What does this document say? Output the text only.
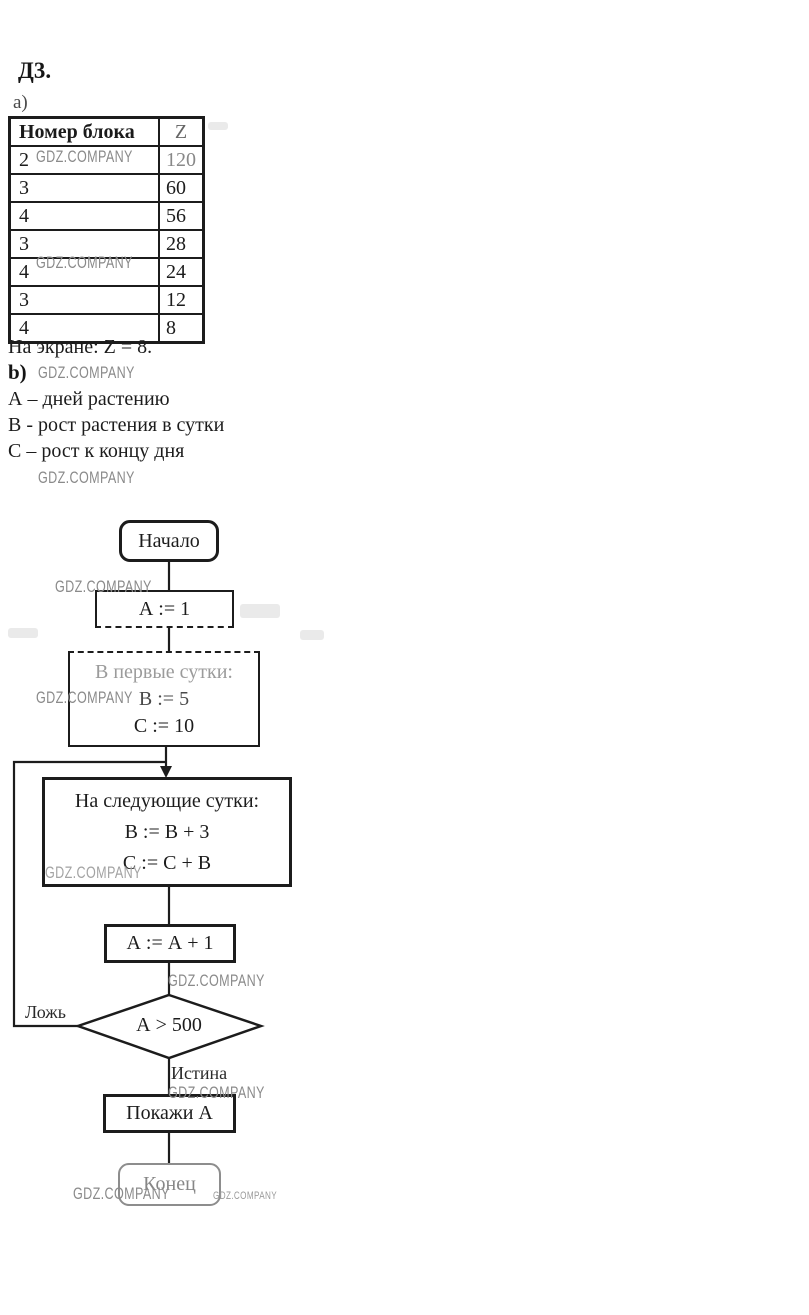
Д3.
а)
Номер блока	Z
2	120
3	60
4	56
3	28
4	24
3	12
4	8
На экране: Z = 8.
b)
А – дней растению
В - рост растения в сутки
С – рост к концу дня
Начало
А := 1
В первые сутки:
В := 5
С := 10
На следующие сутки:
В := В + 3
С := С + В
А := А + 1
А > 500
Ложь
Истина
Покажи А
Конец
GDZ.COMPANY
GDZ.COMPANY
GDZ.COMPANY
GDZ.COMPANY
GDZ.COMPANY
GDZ.COMPANY
GDZ.COMPANY
GDZ.COMPANY
GDZ.COMPANY
GDZ.COMPANY	GDZ.COMPANY
